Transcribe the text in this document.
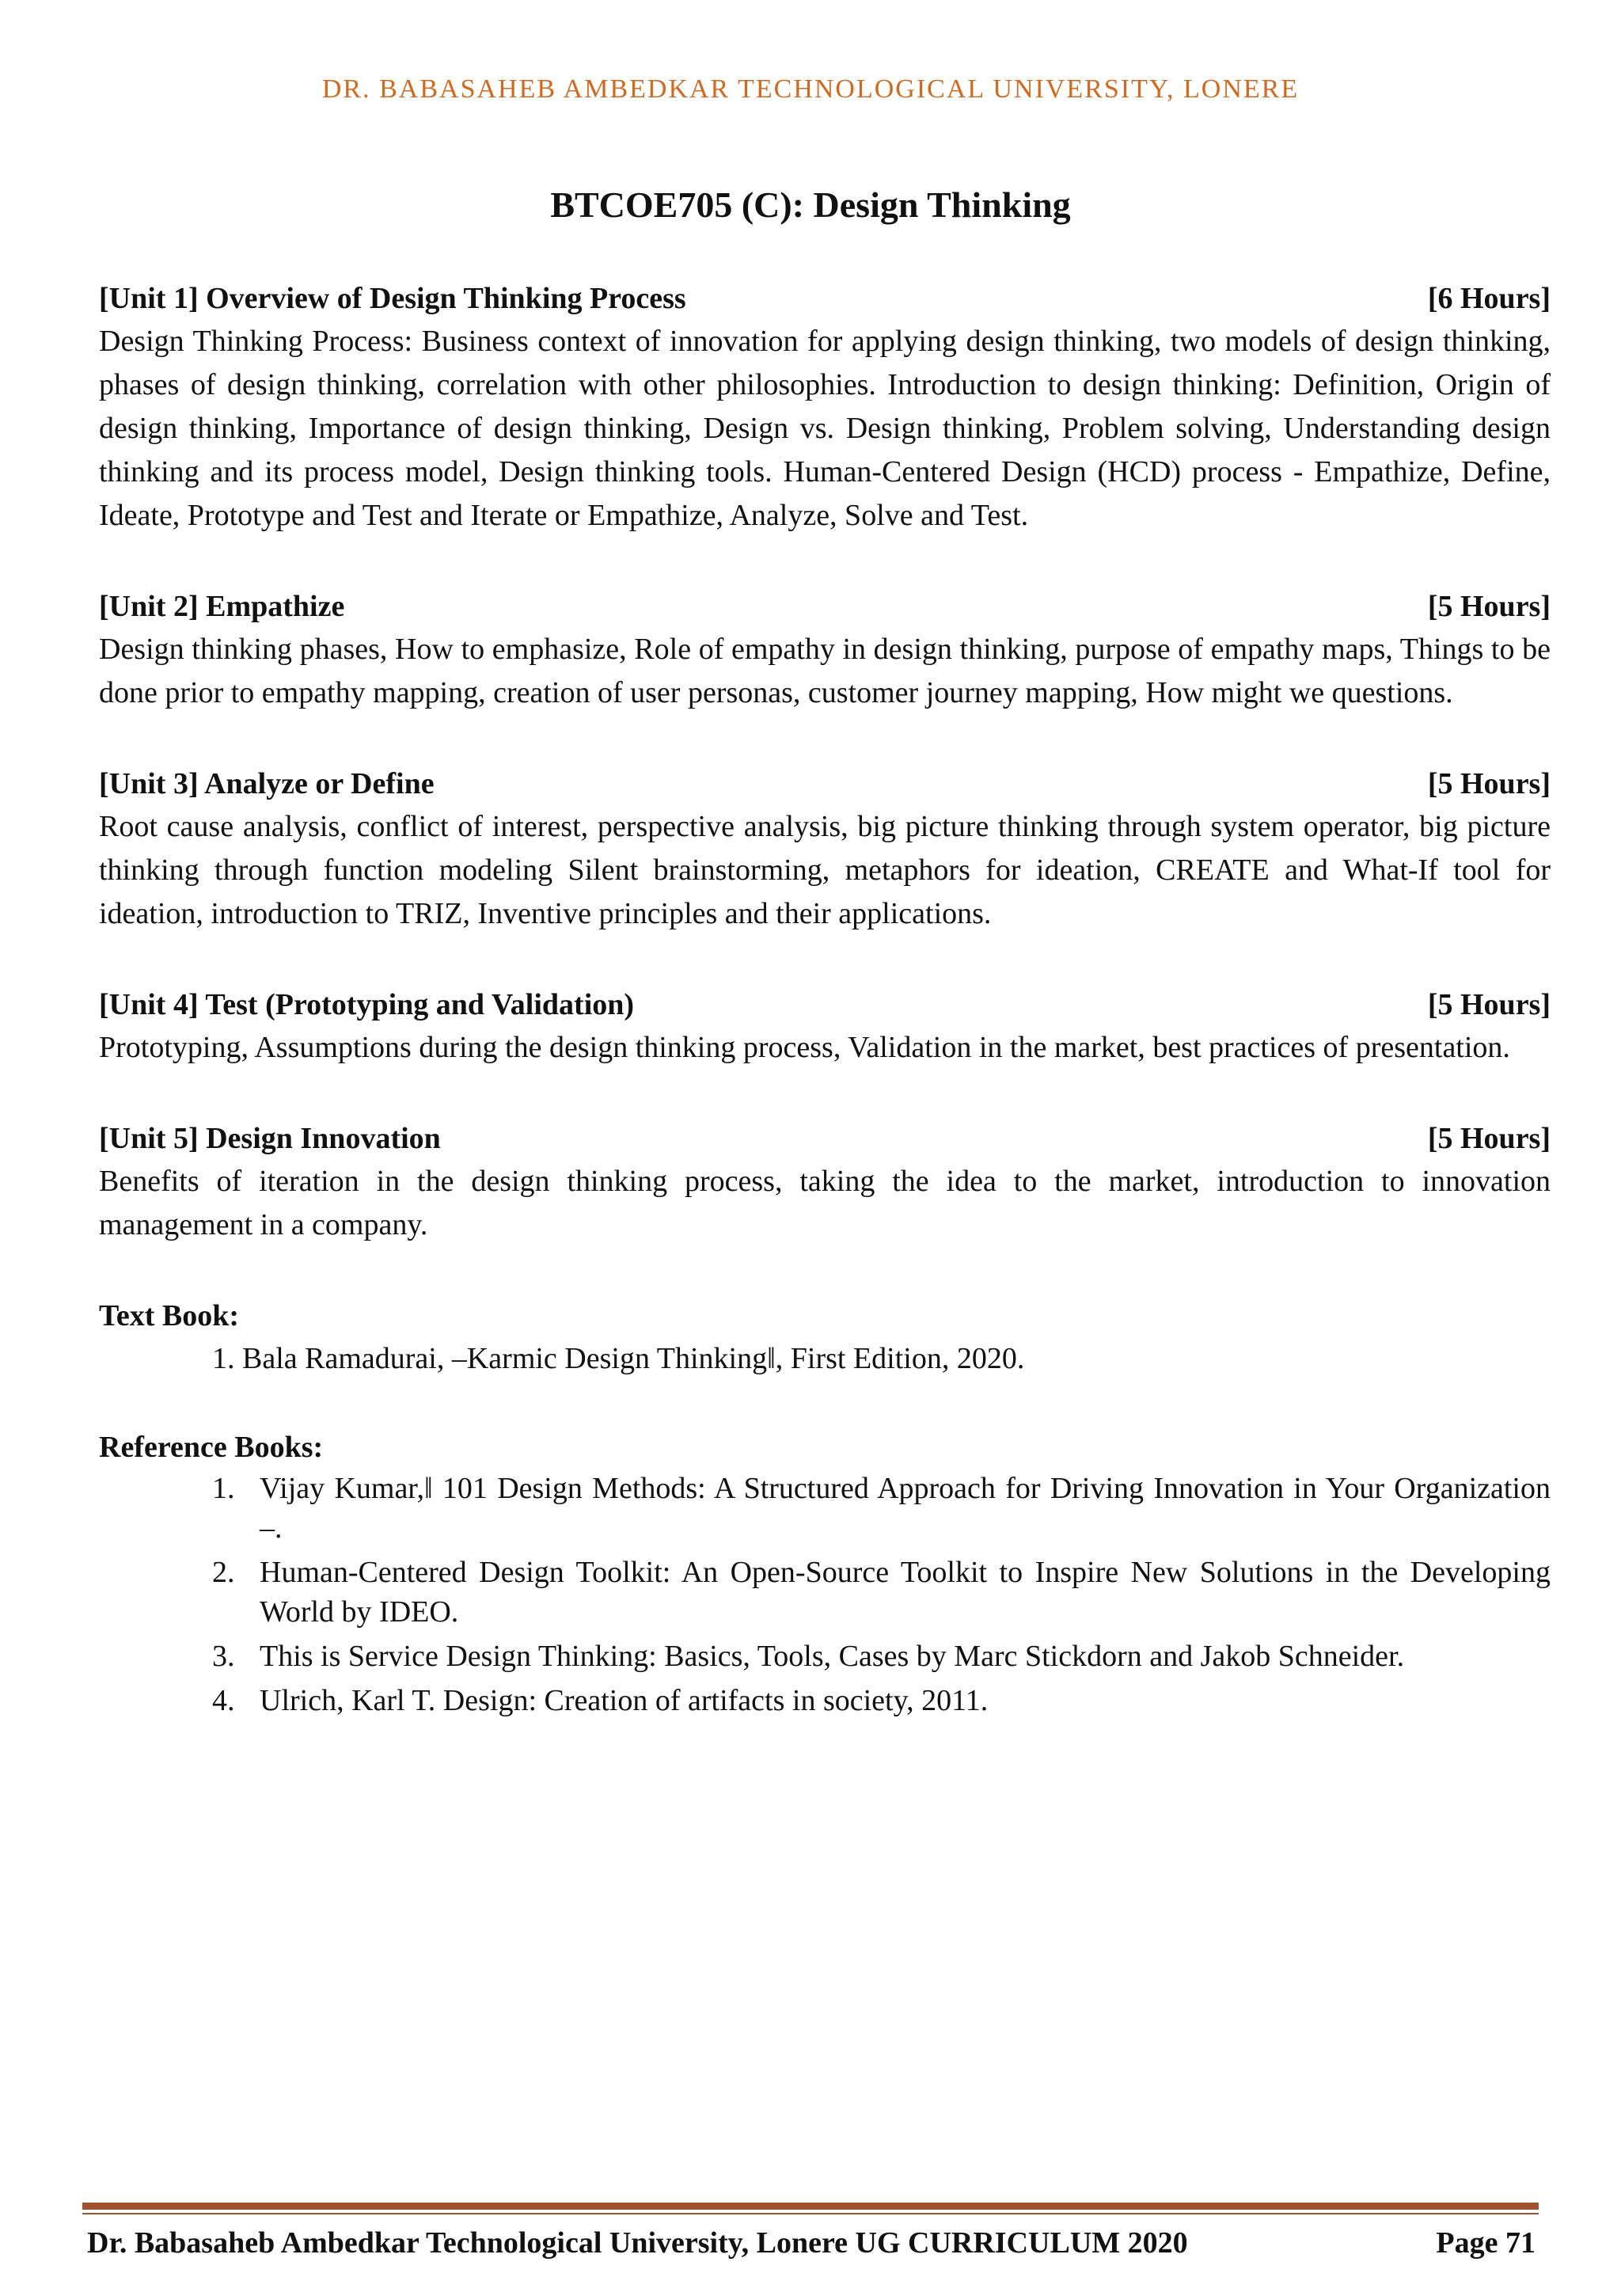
DR. BABASAHEB AMBEDKAR TECHNOLOGICAL UNIVERSITY, LONERE
BTCOE705 (C): Design Thinking
[Unit 1] Overview of Design Thinking Process	[6 Hours]
Design Thinking Process: Business context of innovation for applying design thinking, two models of design thinking, phases of design thinking, correlation with other philosophies. Introduction to design thinking: Definition, Origin of design thinking, Importance of design thinking, Design vs. Design thinking, Problem solving, Understanding design thinking and its process model, Design thinking tools. Human-Centered Design (HCD) process - Empathize, Define, Ideate, Prototype and Test and Iterate or Empathize, Analyze, Solve and Test.
[Unit 2] Empathize	[5 Hours]
Design thinking phases, How to emphasize, Role of empathy in design thinking, purpose of empathy maps, Things to be done prior to empathy mapping, creation of user personas, customer journey mapping, How might we questions.
[Unit 3] Analyze or Define	[5 Hours]
Root cause analysis, conflict of interest, perspective analysis, big picture thinking through system operator, big picture thinking through function modeling Silent brainstorming, metaphors for ideation, CREATE and What-If tool for ideation, introduction to TRIZ, Inventive principles and their applications.
[Unit 4] Test (Prototyping and Validation)	[5 Hours]
Prototyping, Assumptions during the design thinking process, Validation in the market, best practices of presentation.
[Unit 5] Design Innovation	[5 Hours]
Benefits of iteration in the design thinking process, taking the idea to the market, introduction to innovation management in a company.
Text Book:
1. Bala Ramadurai, –Karmic Design Thinking‖, First Edition, 2020.
Reference Books:
1. Vijay Kumar,‖ 101 Design Methods: A Structured Approach for Driving Innovation in Your Organization –.
2. Human-Centered Design Toolkit: An Open-Source Toolkit to Inspire New Solutions in the Developing World by IDEO.
3. This is Service Design Thinking: Basics, Tools, Cases by Marc Stickdorn and Jakob Schneider.
4. Ulrich, Karl T. Design: Creation of artifacts in society, 2011.
Dr. Babasaheb Ambedkar Technological University, Lonere UG CURRICULUM 2020	Page 71
